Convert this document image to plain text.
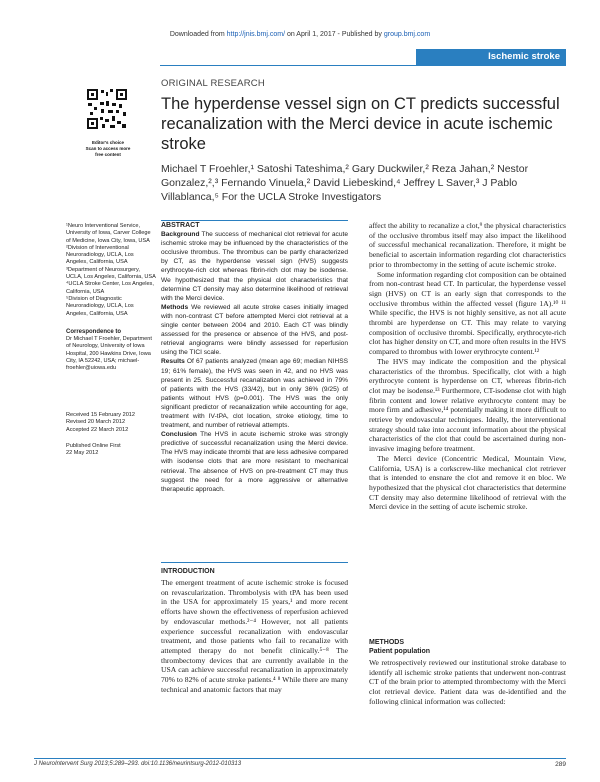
Downloaded from http://jnis.bmj.com/ on April 1, 2017 - Published by group.bmj.com
Ischemic stroke
Editor's choice
Scan to access more
free content
ORIGINAL RESEARCH
The hyperdense vessel sign on CT predicts successful recanalization with the Merci device in acute ischemic stroke
Michael T Froehler,¹ Satoshi Tateshima,² Gary Duckwiler,² Reza Jahan,² Nestor Gonzalez,²,³ Fernando Vinuela,² David Liebeskind,⁴ Jeffrey L Saver,³ J Pablo Villablanca,⁵ For the UCLA Stroke Investigators
¹Neuro Interventional Service, University of Iowa, Carver College of Medicine, Iowa City, Iowa, USA
²Division of Interventional Neuroradiology, UCLA, Los Angeles, California, USA
³Department of Neurosurgery, UCLA, Los Angeles, California, USA
⁴UCLA Stroke Center, Los Angeles, California, USA
⁵Division of Diagnostic Neuroradiology, UCLA, Los Angeles, California, USA
Correspondence to
Dr Michael T Froehler, Department of Neurology, University of Iowa Hospital, 200 Hawkins Drive, Iowa City, IA 52242, USA; michael-froehler@uiowa.edu
Received 15 February 2012
Revised 20 March 2012
Accepted 22 March 2012
Published Online First
22 May 2012
ABSTRACT
Background The success of mechanical clot retrieval for acute ischemic stroke may be influenced by the characteristics of the occlusive thrombus. The thrombus can be partly characterized by CT, as the hyperdense vessel sign (HVS) suggests erythrocyte-rich clot whereas fibrin-rich clot may be isodense. We hypothesized that the physical clot characteristics that determine CT density may also determine likelihood of retrieval with the Merci device.
Methods We reviewed all acute stroke cases initially imaged with non-contrast CT before attempted Merci clot retrieval at a single center between 2004 and 2010. Each CT was blindly assessed for the presence or absence of the HVS, and post-retrieval angiograms were blindly assessed for reperfusion using the TICI scale.
Results Of 67 patients analyzed (mean age 69; median NIHSS 19; 61% female), the HVS was seen in 42, and no HVS was present in 25. Successful recanalization was achieved in 79% of patients with the HVS (33/42), but in only 36% (9/25) of patients without HVS (p=0.001). The HVS was the only significant predictor of recanalization while accounting for age, treatment with IV-tPA, clot location, stroke etiology, time to treatment, and number of retrieval attempts.
Conclusion The HVS in acute ischemic stroke was strongly predictive of successful recanalization using the Merci device. The HVS may indicate thrombi that are less adhesive compared with isodense clots that are more resistant to mechanical retrieval. The absence of HVS on pre-treatment CT may thus suggest the need for a more aggressive or alternative therapeutic approach.
INTRODUCTION
The emergent treatment of acute ischemic stroke is focused on revascularization. Thrombolysis with tPA has been used in the USA for approximately 15 years,¹ and more recent efforts have shown the effectiveness of reperfusion achieved by endovascular methods.²⁻⁴ However, not all patients experience successful recanalization with endovascular treatment, and those patients who fail to recanalize with attempted therapy do not benefit clinically.⁵⁻⁸ The thrombectomy devices that are currently available in the USA can achieve successful recanalization in approximately 70% to 82% of acute stroke patients.⁴ ⁸ While there are many technical and anatomic factors that may

affect the ability to recanalize a clot,⁹ the physical characteristics of the occlusive thrombus itself may also impact the likelihood of successful mechanical recanalization. Therefore, it might be beneficial to ascertain information regarding clot characteristics prior to thrombectomy in the setting of acute ischemic stroke.

Some information regarding clot composition can be obtained from non-contrast head CT. In particular, the hyperdense vessel sign (HVS) on CT is an early sign that corresponds to the occlusive thrombus within the affected vessel (figure 1A).¹⁰ ¹¹ While specific, the HVS is not highly sensitive, as not all acute thrombi are hyperdense on CT. This may relate to varying composition of occlusive thrombi. Specifically, erythrocyte-rich clot has higher density on CT, and more often results in the HVS compared to thrombus with lower erythrocyte content.¹²

The HVS may indicate the composition and the physical characteristics of the thrombus. Specifically, clot with a high erythrocyte content is hyperdense on CT, whereas fibrin-rich clot may be isodense.¹³ Furthermore, CT-isodense clot with high fibrin content and lower relative erythrocyte content may be more firm and adhesive,¹⁴ potentially making it more difficult to retrieve by endovascular techniques. Ideally, the interventional strategy should take into account information about the physical characteristics of the clot that could be ascertained during non-invasive imaging before treatment.

The Merci device (Concentric Medical, Mountain View, California, USA) is a corkscrew-like mechanical clot retriever that is intended to ensnare the clot and remove it en bloc. We hypothesized that the physical clot characteristics that determine CT density may also determine likelihood of retrieval with the Merci device in the setting of acute ischemic stroke.

METHODS
Patient population
We retrospectively reviewed our institutional stroke database to identify all ischemic stroke patients that underwent non-contrast CT of the brain prior to attempted thrombectomy with the Merci clot retrieval device. Patient data was de-identified and the following clinical information was collected:
J NeuroIntervent Surg 2013;5:289–293. doi:10.1136/neurintsurg-2012-010313	289
